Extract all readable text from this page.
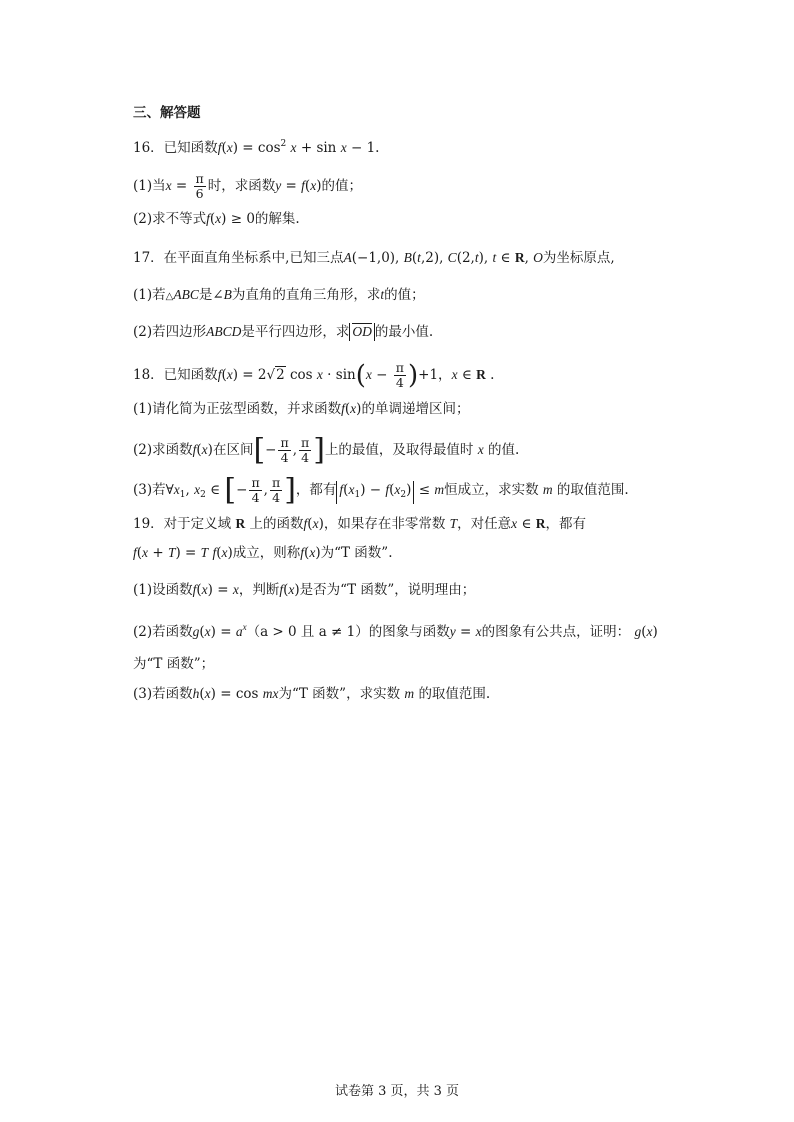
三、解答题
16．已知函数$f(x) = \cos^2 x + \sin x - 1$.
(1)当$x = \frac{\pi}{6}$ 时，求函数y = f(x)的值；
(2)求不等式f(x) ≥ 0的解集.
17．在平面直角坐标系中,已知三点A(−1,0), B(t,2), C(2,t), t ∈ R, O为坐标原点,
(1)若△ABC是∠B为直角的直角三角形，求t的值；
(2)若四边形ABCD是平行四边形，求 OD 的最小值.
18．已知函数f(x) = 2√2 $\cos x \cdot \sin(x - \frac{\pi}{4} )+1$，x ∈ R .
(1)请化简为正弦型函数，并求函数f(x)的单调递增区间；
(2)求函数f(x)在区间[− $\frac{\pi}{4}$ , $\frac{\pi}{4}$ ]上的最值，及取得最值时 x 的值.
(3)若$\forall x_1$, $x_2$ ∈ [− $\frac{\pi}{4}$ , $\frac{\pi}{4}$ ]，都有 $f(x_1) - f(x_2) \le m$恒成立，求实数 m 的取值范围.
19．对于定义域 R 上的函数f(x)，如果存在非零常数 T，对任意x ∈ R，都有
f(x + T) = T f(x)成立，则称f(x)为“T 函数”.
(1)设函数f(x) = x，判断f(x)是否为“T 函数”，说明理由；
(2)若函数$g(x) = a^x(a > 0$ 且 a ≠ 1）的图象与函数y = x的图象有公共点，证明： g(x)
为“T 函数”；
(3)若函数h(x) = cos mx为“T 函数”，求实数 m 的取值范围.
试卷第 3 页，共 3 页
